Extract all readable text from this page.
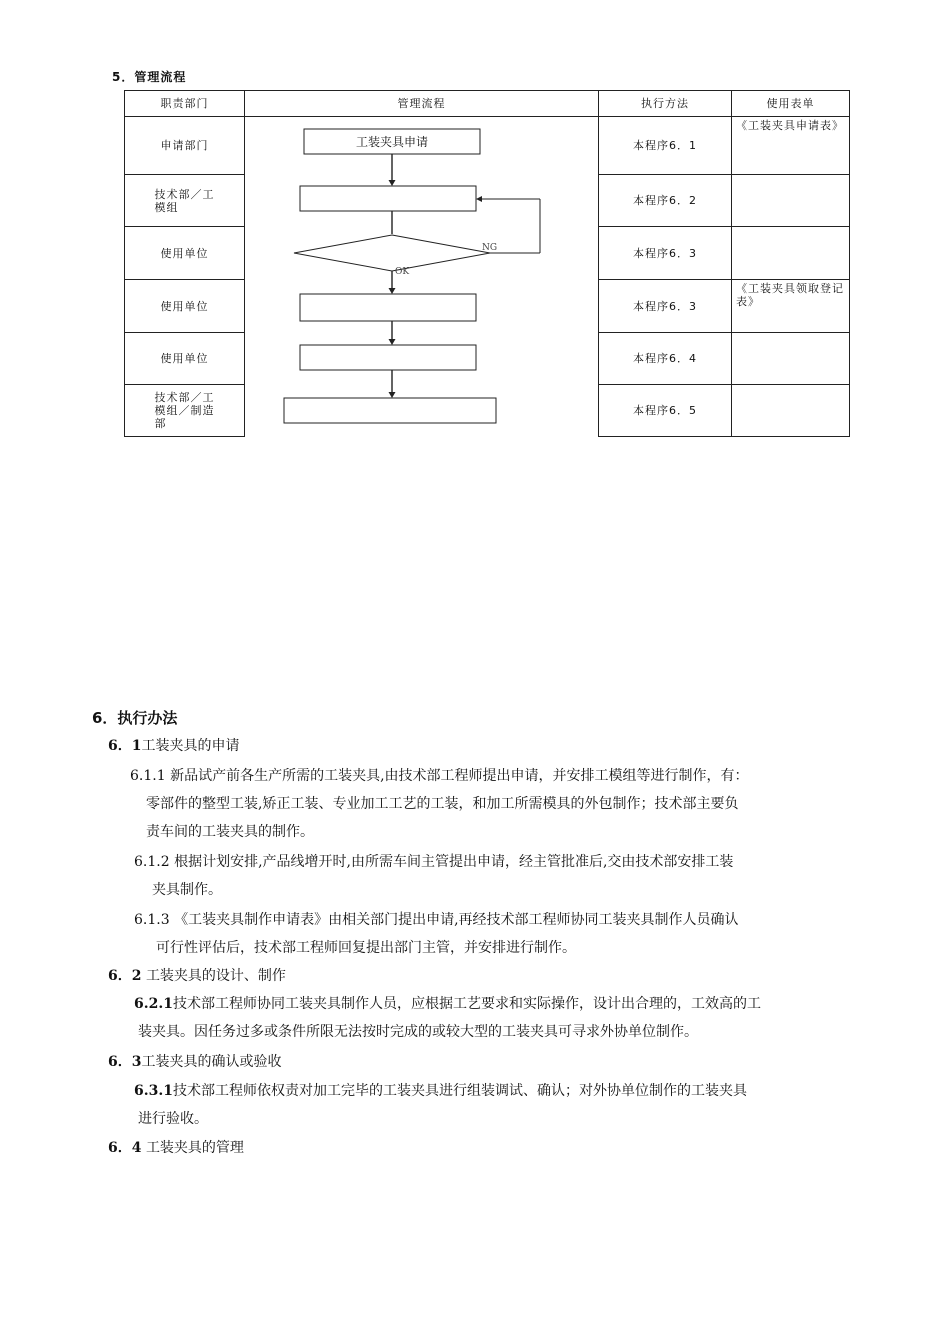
5．管理流程
职责部门	管理流程	执行方法	使用表单
申请部门		本程序6．1	《工装夹具申请表》

技术部／工模组		本程序6．2	
使用单位		本程序6．3	
使用单位		本程序6．3	《工装夹具领取登记表》
使用单位		本程序6．4	

技术部／工模组／制造部		本程序6．5	
工装夹具申请
NG
OK
6．执行办法
6．1工装夹具的申请
6.1.1 新品试产前各生产所需的工装夹具,由技术部工程师提出申请，并安排工模组等进行制作，有：
零部件的整型工装,矫正工装、专业加工工艺的工装，和加工所需模具的外包制作；技术部主要负
责车间的工装夹具的制作。
6.1.2 根据计划安排,产品线增开时,由所需车间主管提出申请，经主管批准后,交由技术部安排工装
夹具制作。
6.1.3 《工装夹具制作申请表》由相关部门提出申请,再经技术部工程师协同工装夹具制作人员确认
可行性评估后，技术部工程师回复提出部门主管，并安排进行制作。
6．2 工装夹具的设计、制作
6.2.1技术部工程师协同工装夹具制作人员，应根据工艺要求和实际操作，设计出合理的，工效高的工
装夹具。因任务过多或条件所限无法按时完成的或较大型的工装夹具可寻求外协单位制作。
6．3工装夹具的确认或验收
6.3.1技术部工程师依权责对加工完毕的工装夹具进行组装调试、确认；对外协单位制作的工装夹具
进行验收。
6．4 工装夹具的管理
